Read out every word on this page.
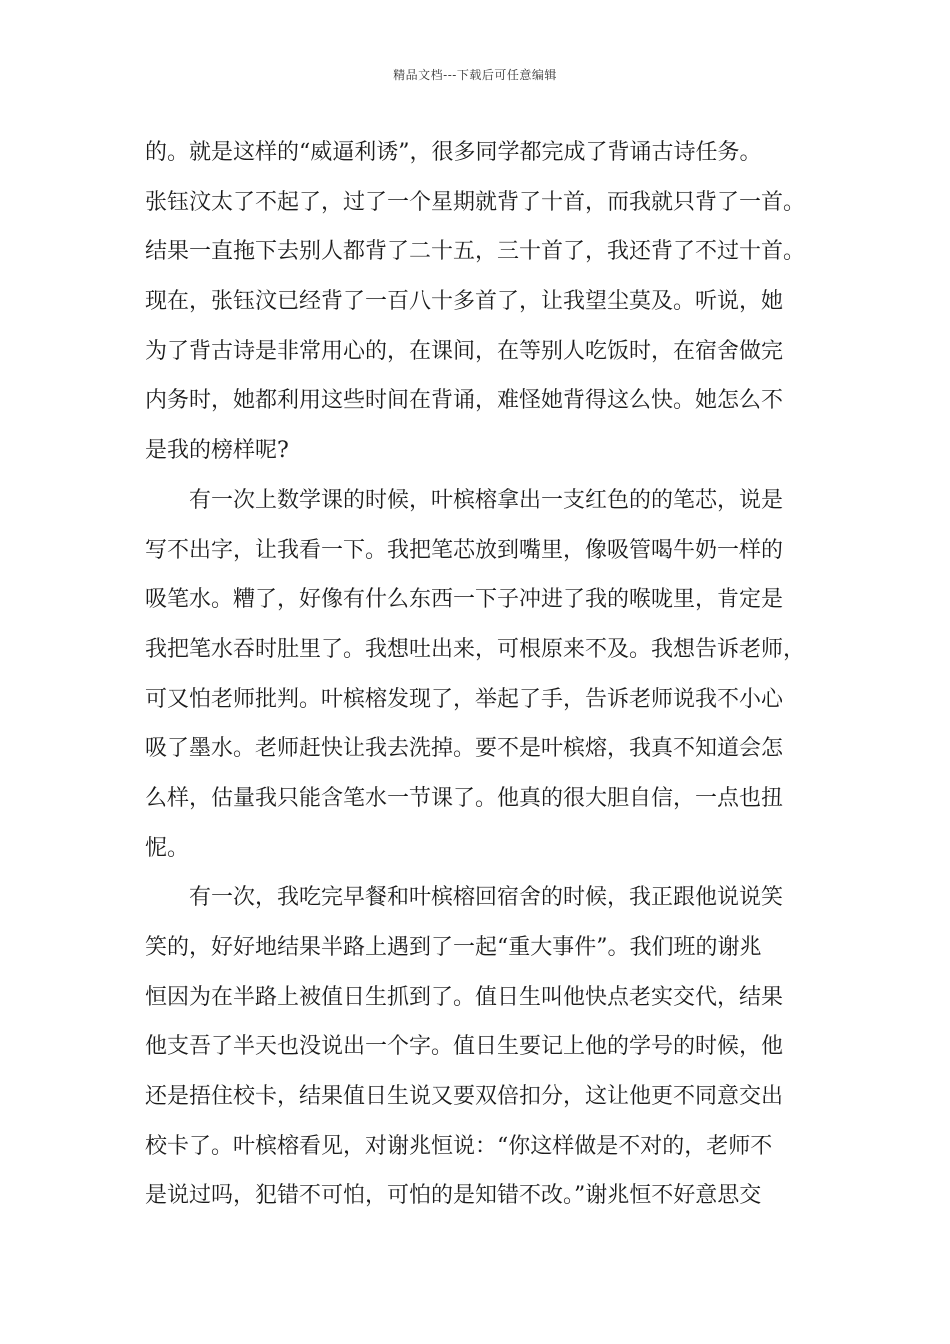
精品文档---下载后可任意编辑
的。就是这样的“威逼利诱”，很多同学都完成了背诵古诗任务。
张钰汶太了不起了，过了一个星期就背了十首，而我就只背了一首。
结果一直拖下去别人都背了二十五，三十首了，我还背了不过十首。
现在，张钰汶已经背了一百八十多首了，让我望尘莫及。听说，她
为了背古诗是非常用心的，在课间，在等别人吃饭时，在宿舍做完
内务时，她都利用这些时间在背诵，难怪她背得这么快。她怎么不
是我的榜样呢?
有一次上数学课的时候，叶槟榕拿出一支红色的的笔芯，说是
写不出字，让我看一下。我把笔芯放到嘴里，像吸管喝牛奶一样的
吸笔水。糟了，好像有什么东西一下子冲进了我的喉咙里，肯定是
我把笔水吞时肚里了。我想吐出来，可根原来不及。我想告诉老师，
可又怕老师批判。叶槟榕发现了，举起了手，告诉老师说我不小心
吸了墨水。老师赶快让我去洗掉。要不是叶槟熔，我真不知道会怎
么样，估量我只能含笔水一节课了。他真的很大胆自信，一点也扭
怩。
有一次，我吃完早餐和叶槟榕回宿舍的时候，我正跟他说说笑
笑的，好好地结果半路上遇到了一起“重大事件”。我们班的谢兆
恒因为在半路上被值日生抓到了。值日生叫他快点老实交代，结果
他支吾了半天也没说出一个字。值日生要记上他的学号的时候，他
还是捂住校卡，结果值日生说又要双倍扣分，这让他更不同意交出
校卡了。叶槟榕看见，对谢兆恒说：“你这样做是不对的，老师不
是说过吗，犯错不可怕，可怕的是知错不改。”谢兆恒不好意思交
